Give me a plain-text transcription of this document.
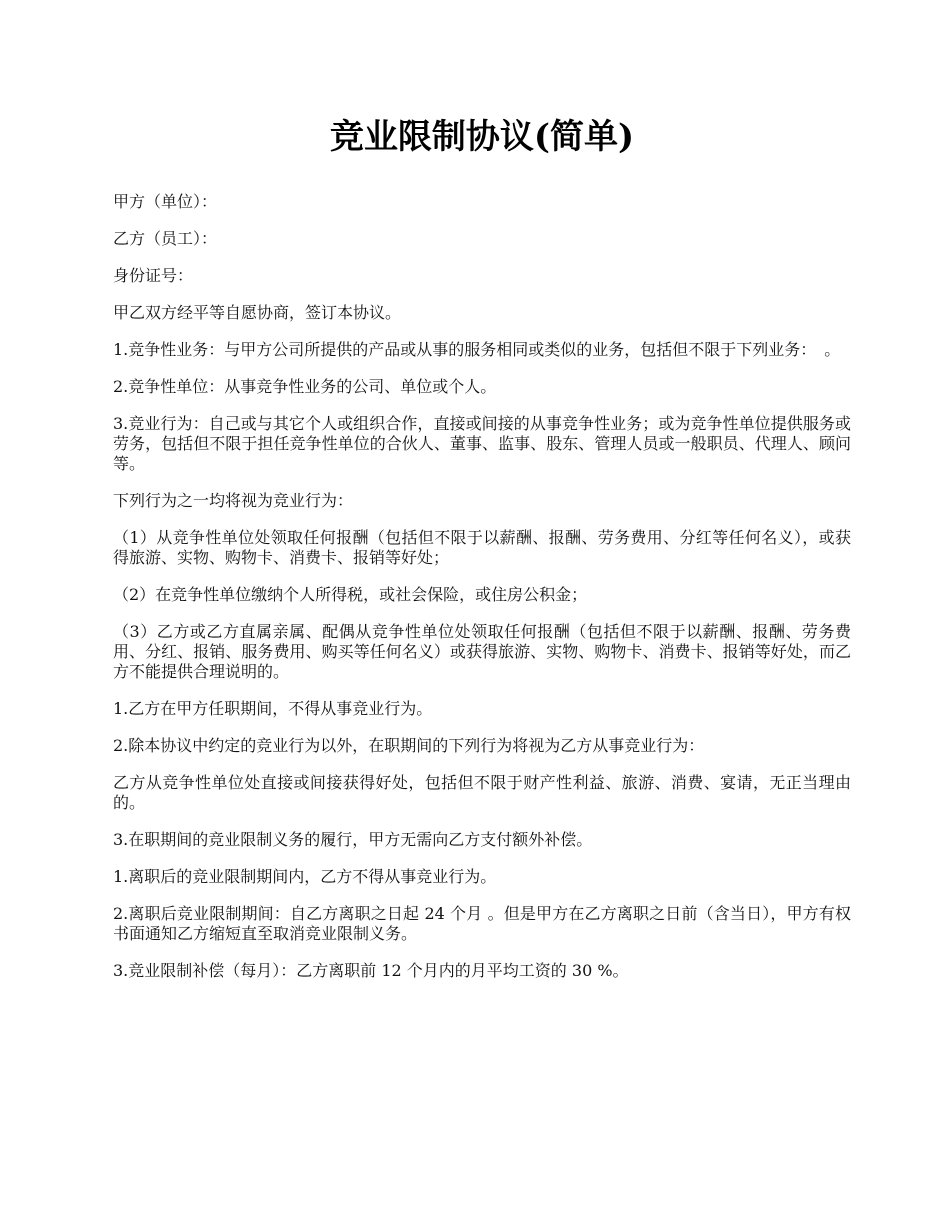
竞业限制协议(简单)

甲方（单位）：

乙方（员工）：

身份证号：

甲乙双方经平等自愿协商，签订本协议。

1.竞争性业务：与甲方公司所提供的产品或从事的服务相同或类似的业务，包括但不限于下列业务：　。

2.竞争性单位：从事竞争性业务的公司、单位或个人。

3.竞业行为：自己或与其它个人或组织合作，直接或间接的从事竞争性业务；或为竞争性单位提供服务或劳务，包括但不限于担任竞争性单位的合伙人、董事、监事、股东、管理人员或一般职员、代理人、顾问等。

下列行为之一均将视为竞业行为：

（1）从竞争性单位处领取任何报酬（包括但不限于以薪酬、报酬、劳务费用、分红等任何名义），或获得旅游、实物、购物卡、消费卡、报销等好处；

（2）在竞争性单位缴纳个人所得税，或社会保险，或住房公积金；

（3）乙方或乙方直属亲属、配偶从竞争性单位处领取任何报酬（包括但不限于以薪酬、报酬、劳务费用、分红、报销、服务费用、购买等任何名义）或获得旅游、实物、购物卡、消费卡、报销等好处，而乙方不能提供合理说明的。

1.乙方在甲方任职期间，不得从事竞业行为。

2.除本协议中约定的竞业行为以外，在职期间的下列行为将视为乙方从事竞业行为：

乙方从竞争性单位处直接或间接获得好处，包括但不限于财产性利益、旅游、消费、宴请，无正当理由的。

3.在职期间的竞业限制义务的履行，甲方无需向乙方支付额外补偿。

1.离职后的竞业限制期间内，乙方不得从事竞业行为。

2.离职后竞业限制期间：自乙方离职之日起 24 个月 。但是甲方在乙方离职之日前（含当日），甲方有权书面通知乙方缩短直至取消竞业限制义务。

3.竞业限制补偿（每月）：乙方离职前 12 个月内的月平均工资的 30 %。
